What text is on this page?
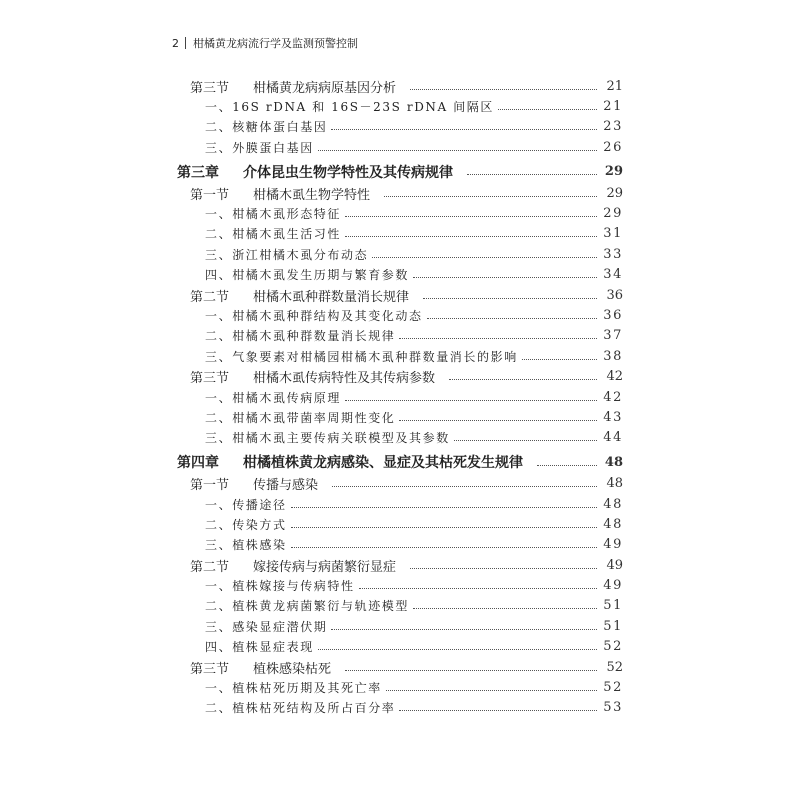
2 柑橘黄龙病流行学及监测预警控制
第三节 柑橘黄龙病病原基因分析	21
一、16S rDNA 和 16S－23S rDNA 间隔区	21
二、核糖体蛋白基因	23
三、外膜蛋白基因	26
第三章 介体昆虫生物学特性及其传病规律	29
第一节 柑橘木虱生物学特性	29
一、柑橘木虱形态特征	29
二、柑橘木虱生活习性	31
三、浙江柑橘木虱分布动态	33
四、柑橘木虱发生历期与繁育参数	34
第二节 柑橘木虱种群数量消长规律	36
一、柑橘木虱种群结构及其变化动态	36
二、柑橘木虱种群数量消长规律	37
三、气象要素对柑橘园柑橘木虱种群数量消长的影响	38
第三节 柑橘木虱传病特性及其传病参数	42
一、柑橘木虱传病原理	42
二、柑橘木虱带菌率周期性变化	43
三、柑橘木虱主要传病关联模型及其参数	44
第四章 柑橘植株黄龙病感染、显症及其枯死发生规律	48
第一节 传播与感染	48
一、传播途径	48
二、传染方式	48
三、植株感染	49
第二节 嫁接传病与病菌繁衍显症	49
一、植株嫁接与传病特性	49
二、植株黄龙病菌繁衍与轨迹模型	51
三、感染显症潜伏期	51
四、植株显症表现	52
第三节 植株感染枯死	52
一、植株枯死历期及其死亡率	52
二、植株枯死结构及所占百分率	53
